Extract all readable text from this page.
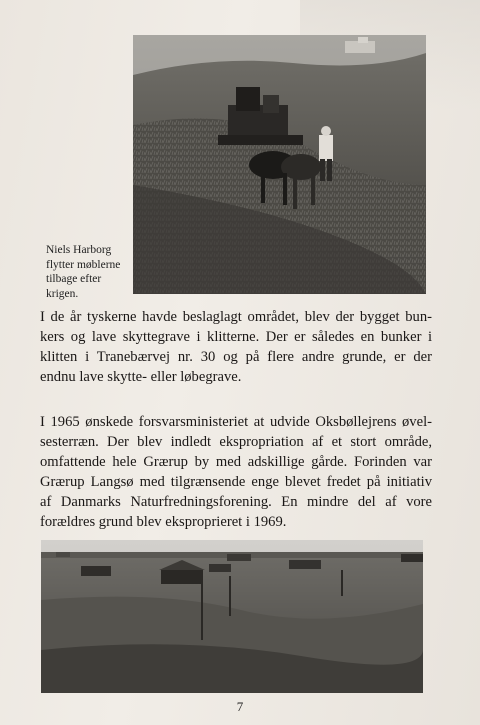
Niels Harborg
flytter møblerne
tilbage efter
krigen.
I de år tyskerne havde beslaglagt området, blev der bygget bun-
kers og lave skyttegrave i klitterne. Der er således en bunker i
klitten i Tranebærvej nr. 30 og på flere andre grunde, er der
endnu lave skytte- eller løbegrave.
I 1965 ønskede forsvarsministeriet at udvide Oksbøllejrens øvel-
sesterræn. Der blev indledt ekspropriation af et stort område,
omfattende hele Grærup by med adskillige gårde. Forinden var
Grærup Langsø med tilgrænsende enge blevet fredet på initiativ
af Danmarks Naturfredningsforening. En mindre del af vore
forældres grund blev eksproprieret i 1969.
7
